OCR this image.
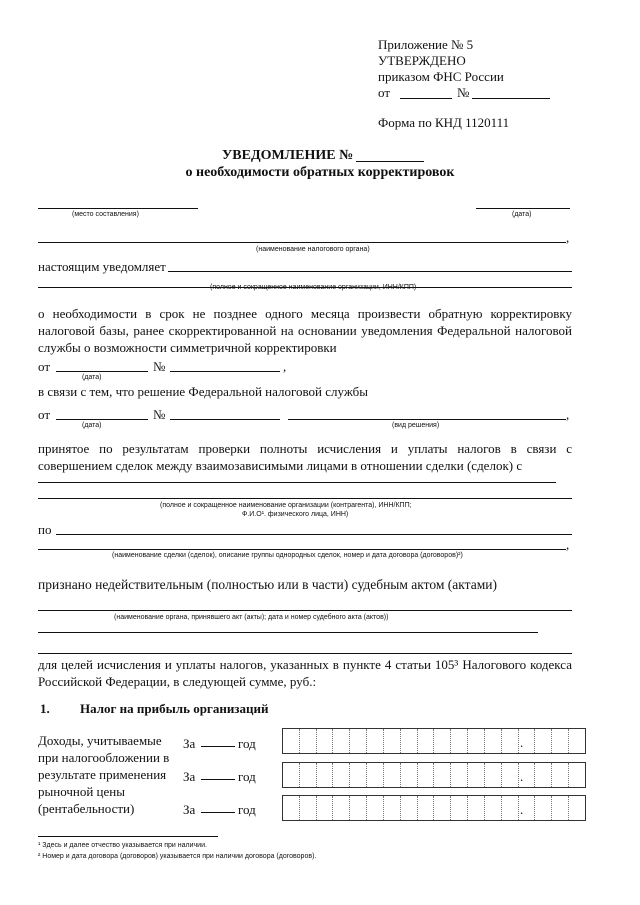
Приложение № 5
УТВЕРЖДЕНО
приказом ФНС России
от	№
Форма по КНД 1120111
УВЕДОМЛЕНИЕ №
о необходимости обратных корректировок
(место составления)	(дата)
,
(наименование налогового органа)
настоящим уведомляет
(полное и сокращенное наименование организации, ИНН/КПП)
о необходимости в срок не позднее одного месяца произвести обратную корректировку налоговой базы, ранее скорректированной на основании уведомления Федеральной налоговой службы о возможности симметричной корректировки
от
(дата)
№	,
в связи с тем, что решение Федеральной налоговой службы
от
(дата)
№	,
(вид решения)
принятое по результатам проверки полноты исчисления и уплаты налогов в связи с совершением сделок между взаимозависимыми лицами в отношении сделки (сделок) с
(полное и сокращенное наименование организации (контрагента), ИНН/КПП;
Ф.И.О¹. физического лица, ИНН)
по
,
(наименование сделки (сделок), описание группы однородных сделок, номер и дата договора (договоров)²)
признано недействительным (полностью или в части) судебным актом (актами)
(наименование органа, принявшего акт (акты); дата и номер судебного акта (актов))
для целей исчисления и уплаты налогов, указанных в пункте 4 статьи 105³ Налогового кодекса Российской Федерации, в следующей сумме, руб.:
1. Налог на прибыль организаций
Доходы, учитываемые при налогообложении в результате применения рыночной цены (рентабельности)
За	год	.
За	год	.
За	год	.
¹ Здесь и далее отчество указывается при наличии.
² Номер и дата договора (договоров) указывается при наличии договора (договоров).
